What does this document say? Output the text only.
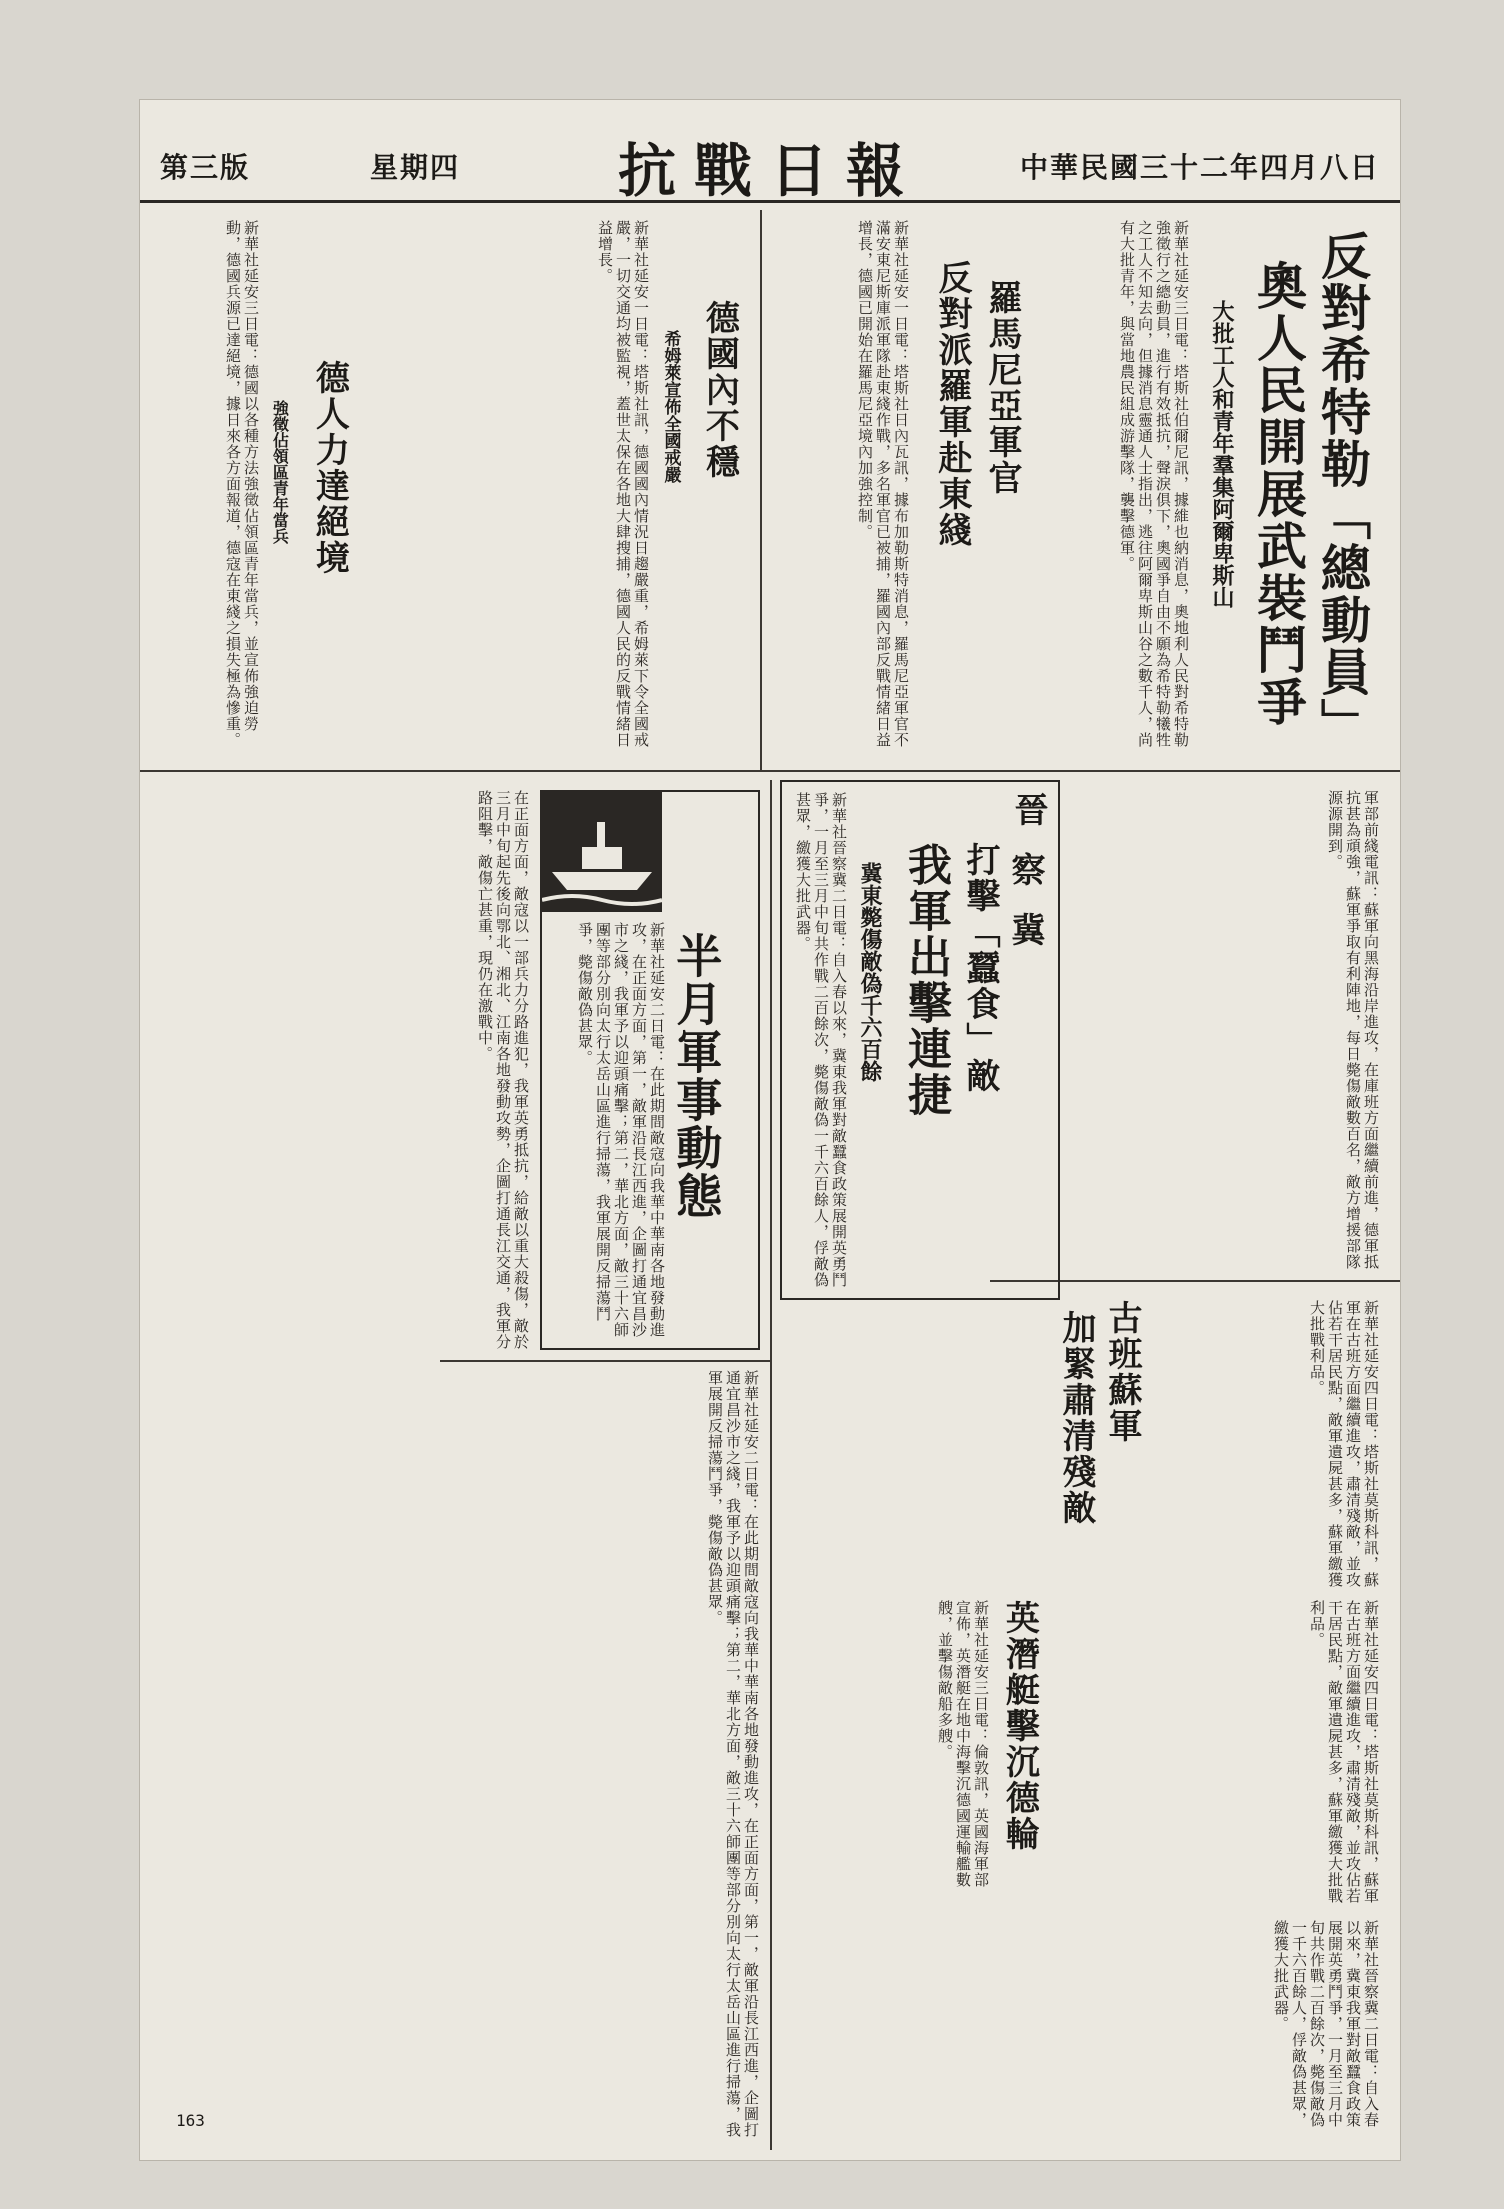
第三版	星期四	抗戰日報	中華民國三十二年四月八日
反對希特勒「總動員」
奧人民開展武裝鬥爭
大批工人和青年羣集阿爾卑斯山
新華社延安三日電：塔斯社伯爾尼訊，據維也納消息，奧地利人民對希特勒強徵行之總動員，進行有效抵抗，聲淚俱下，奧國爭自由不願為希特勒犧牲之工人不知去向，但據消息靈通人士指出，逃往阿爾卑斯山谷之數千人，尚有大批青年，與當地農民組成游擊隊，襲擊德軍。
羅馬尼亞軍官
反對派羅軍赴東綫
新華社延安一日電：塔斯社日內瓦訊，據布加勒斯特消息，羅馬尼亞軍官不滿安東尼斯庫派軍隊赴東綫作戰，多名軍官已被捕，羅國內部反戰情緒日益增長，德國已開始在羅馬尼亞境內加強控制。
德國內不穩
希姆萊宣佈全國戒嚴
新華社延安一日電：塔斯社訊，德國國內情況日趨嚴重，希姆萊下令全國戒嚴，一切交通均被監視，蓋世太保在各地大肆搜捕，德國人民的反戰情緒日益增長。
德人力達絕境
強徵佔領區青年當兵
新華社延安三日電：德國以各種方法強徵佔領區青年當兵，並宣佈強迫勞動，德國兵源已達絕境，據日來各方面報道，德寇在東綫之損失極為慘重。
軍部前綫電訊：蘇軍向黑海沿岸進攻，在庫班方面繼續前進，德軍抵抗甚為頑強，蘇軍爭取有利陣地，每日斃傷敵數百名，敵方增援部隊源源開到。
晉
察
冀
打擊「蠶食」敵
我軍出擊連捷
冀東斃傷敵偽千六百餘
新華社晉察冀二日電：自入春以來，冀東我軍對敵蠶食政策展開英勇鬥爭，一月至三月中旬共作戰二百餘次，斃傷敵偽一千六百餘人，俘敵偽甚眾，繳獲大批武器。
古班蘇軍
加緊肅清殘敵	新華社延安四日電：塔斯社莫斯科訊，蘇軍在古班方面繼續進攻，肅清殘敵，並攻佔若干居民點，敵軍遺屍甚多，蘇軍繳獲大批戰利品。
半月軍事動態
新華社延安二日電：在此期間敵寇向我華中華南各地發動進攻，在正面方面，第一，敵軍沿長江西進，企圖打通宜昌沙市之綫，我軍予以迎頭痛擊；第二，華北方面，敵三十六師團等部分別向太行太岳山區進行掃蕩，我軍展開反掃蕩鬥爭，斃傷敵偽甚眾。
在正面方面，敵寇以一部兵力分路進犯，我軍英勇抵抗，給敵以重大殺傷，敵於三月中旬起先後向鄂北、湘北、江南各地發動攻勢，企圖打通長江交通，我軍分路阻擊，敵傷亡甚重，現仍在激戰中。
英潛艇擊沉德輪
新華社延安三日電：倫敦訊，英國海軍部宣佈，英潛艇在地中海擊沉德國運輸艦數艘，並擊傷敵船多艘。
新華社延安二日電：在此期間敵寇向我華中華南各地發動進攻，在正面方面，第一，敵軍沿長江西進，企圖打通宜昌沙市之綫，我軍予以迎頭痛擊；第二，華北方面，敵三十六師團等部分別向太行太岳山區進行掃蕩，我軍展開反掃蕩鬥爭，斃傷敵偽甚眾。
新華社晉察冀二日電：自入春以來，冀東我軍對敵蠶食政策展開英勇鬥爭，一月至三月中旬共作戰二百餘次，斃傷敵偽一千六百餘人，俘敵偽甚眾，繳獲大批武器。
新華社延安四日電：塔斯社莫斯科訊，蘇軍在古班方面繼續進攻，肅清殘敵，並攻佔若干居民點，敵軍遺屍甚多，蘇軍繳獲大批戰利品。
163
